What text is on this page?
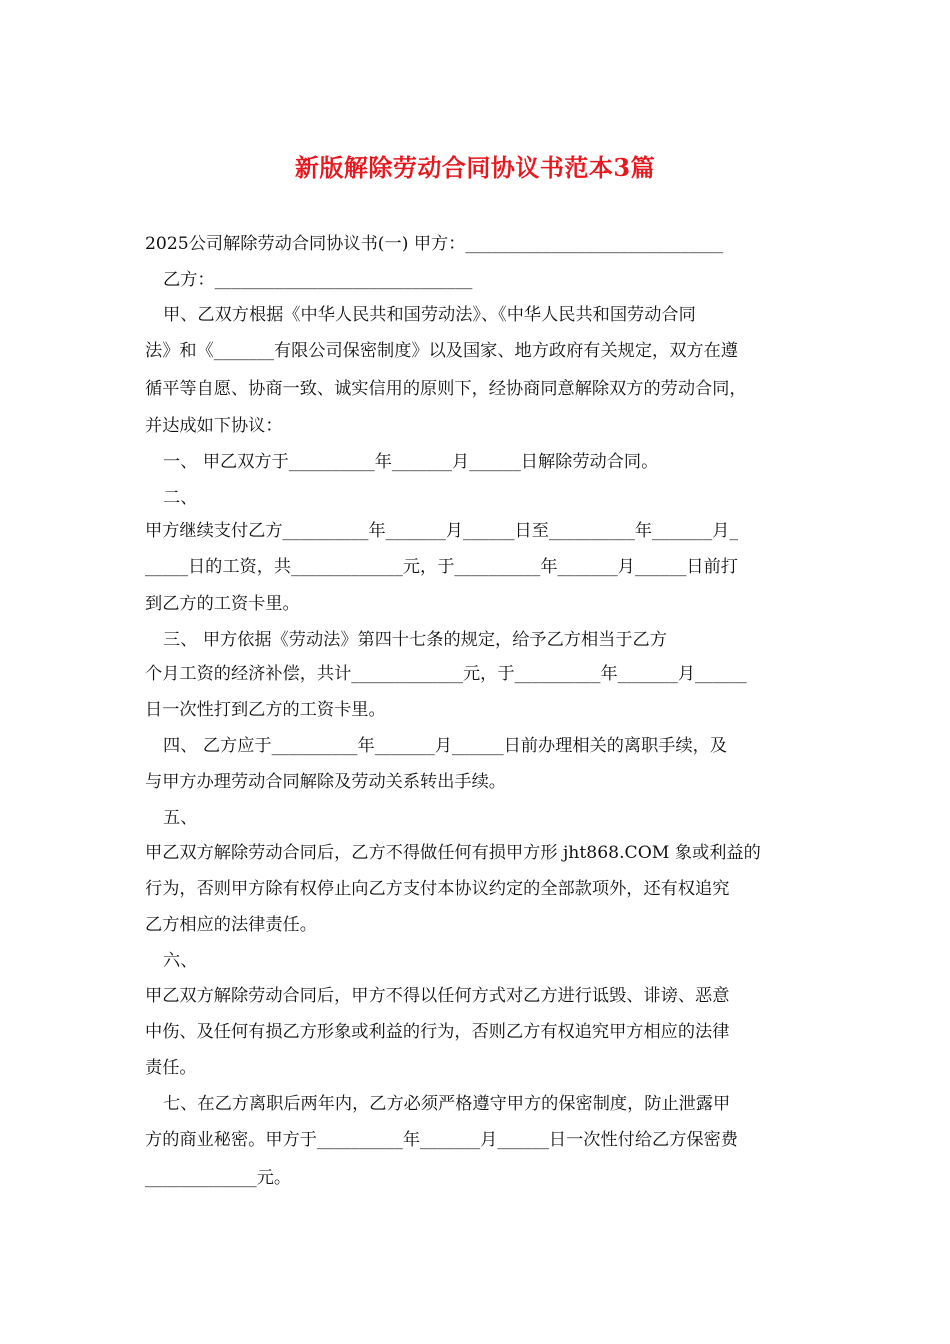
新版解除劳动合同协议书范本3篇
2025公司解除劳动合同协议书(一) 甲方：______________________________
乙方：______________________________
甲、乙双方根据《中华人民共和国劳动法》、《中华人民共和国劳动合同
法》和《_______有限公司保密制度》以及国家、地方政府有关规定，双方在遵
循平等自愿、协商一致、诚实信用的原则下，经协商同意解除双方的劳动合同，
并达成如下协议：
一、 甲乙双方于__________年_______月______日解除劳动合同。
二、
甲方继续支付乙方__________年_______月______日至__________年_______月_
_____日的工资，共_____________元，于__________年_______月______日前打
到乙方的工资卡里。
三、 甲方依据《劳动法》第四十七条的规定，给予乙方相当于乙方
个月工资的经济补偿，共计_____________元，于__________年_______月______
日一次性打到乙方的工资卡里。
四、 乙方应于__________年_______月______日前办理相关的离职手续，及
与甲方办理劳动合同解除及劳动关系转出手续。
五、
甲乙双方解除劳动合同后，乙方不得做任何有损甲方形 jht868.COM 象或利益的
行为，否则甲方除有权停止向乙方支付本协议约定的全部款项外，还有权追究
乙方相应的法律责任。
六、
甲乙双方解除劳动合同后，甲方不得以任何方式对乙方进行诋毁、诽谤、恶意
中伤、及任何有损乙方形象或利益的行为，否则乙方有权追究甲方相应的法律
责任。
七、在乙方离职后两年内，乙方必须严格遵守甲方的保密制度，防止泄露甲
方的商业秘密。甲方于__________年_______月______日一次性付给乙方保密费
_____________元。
